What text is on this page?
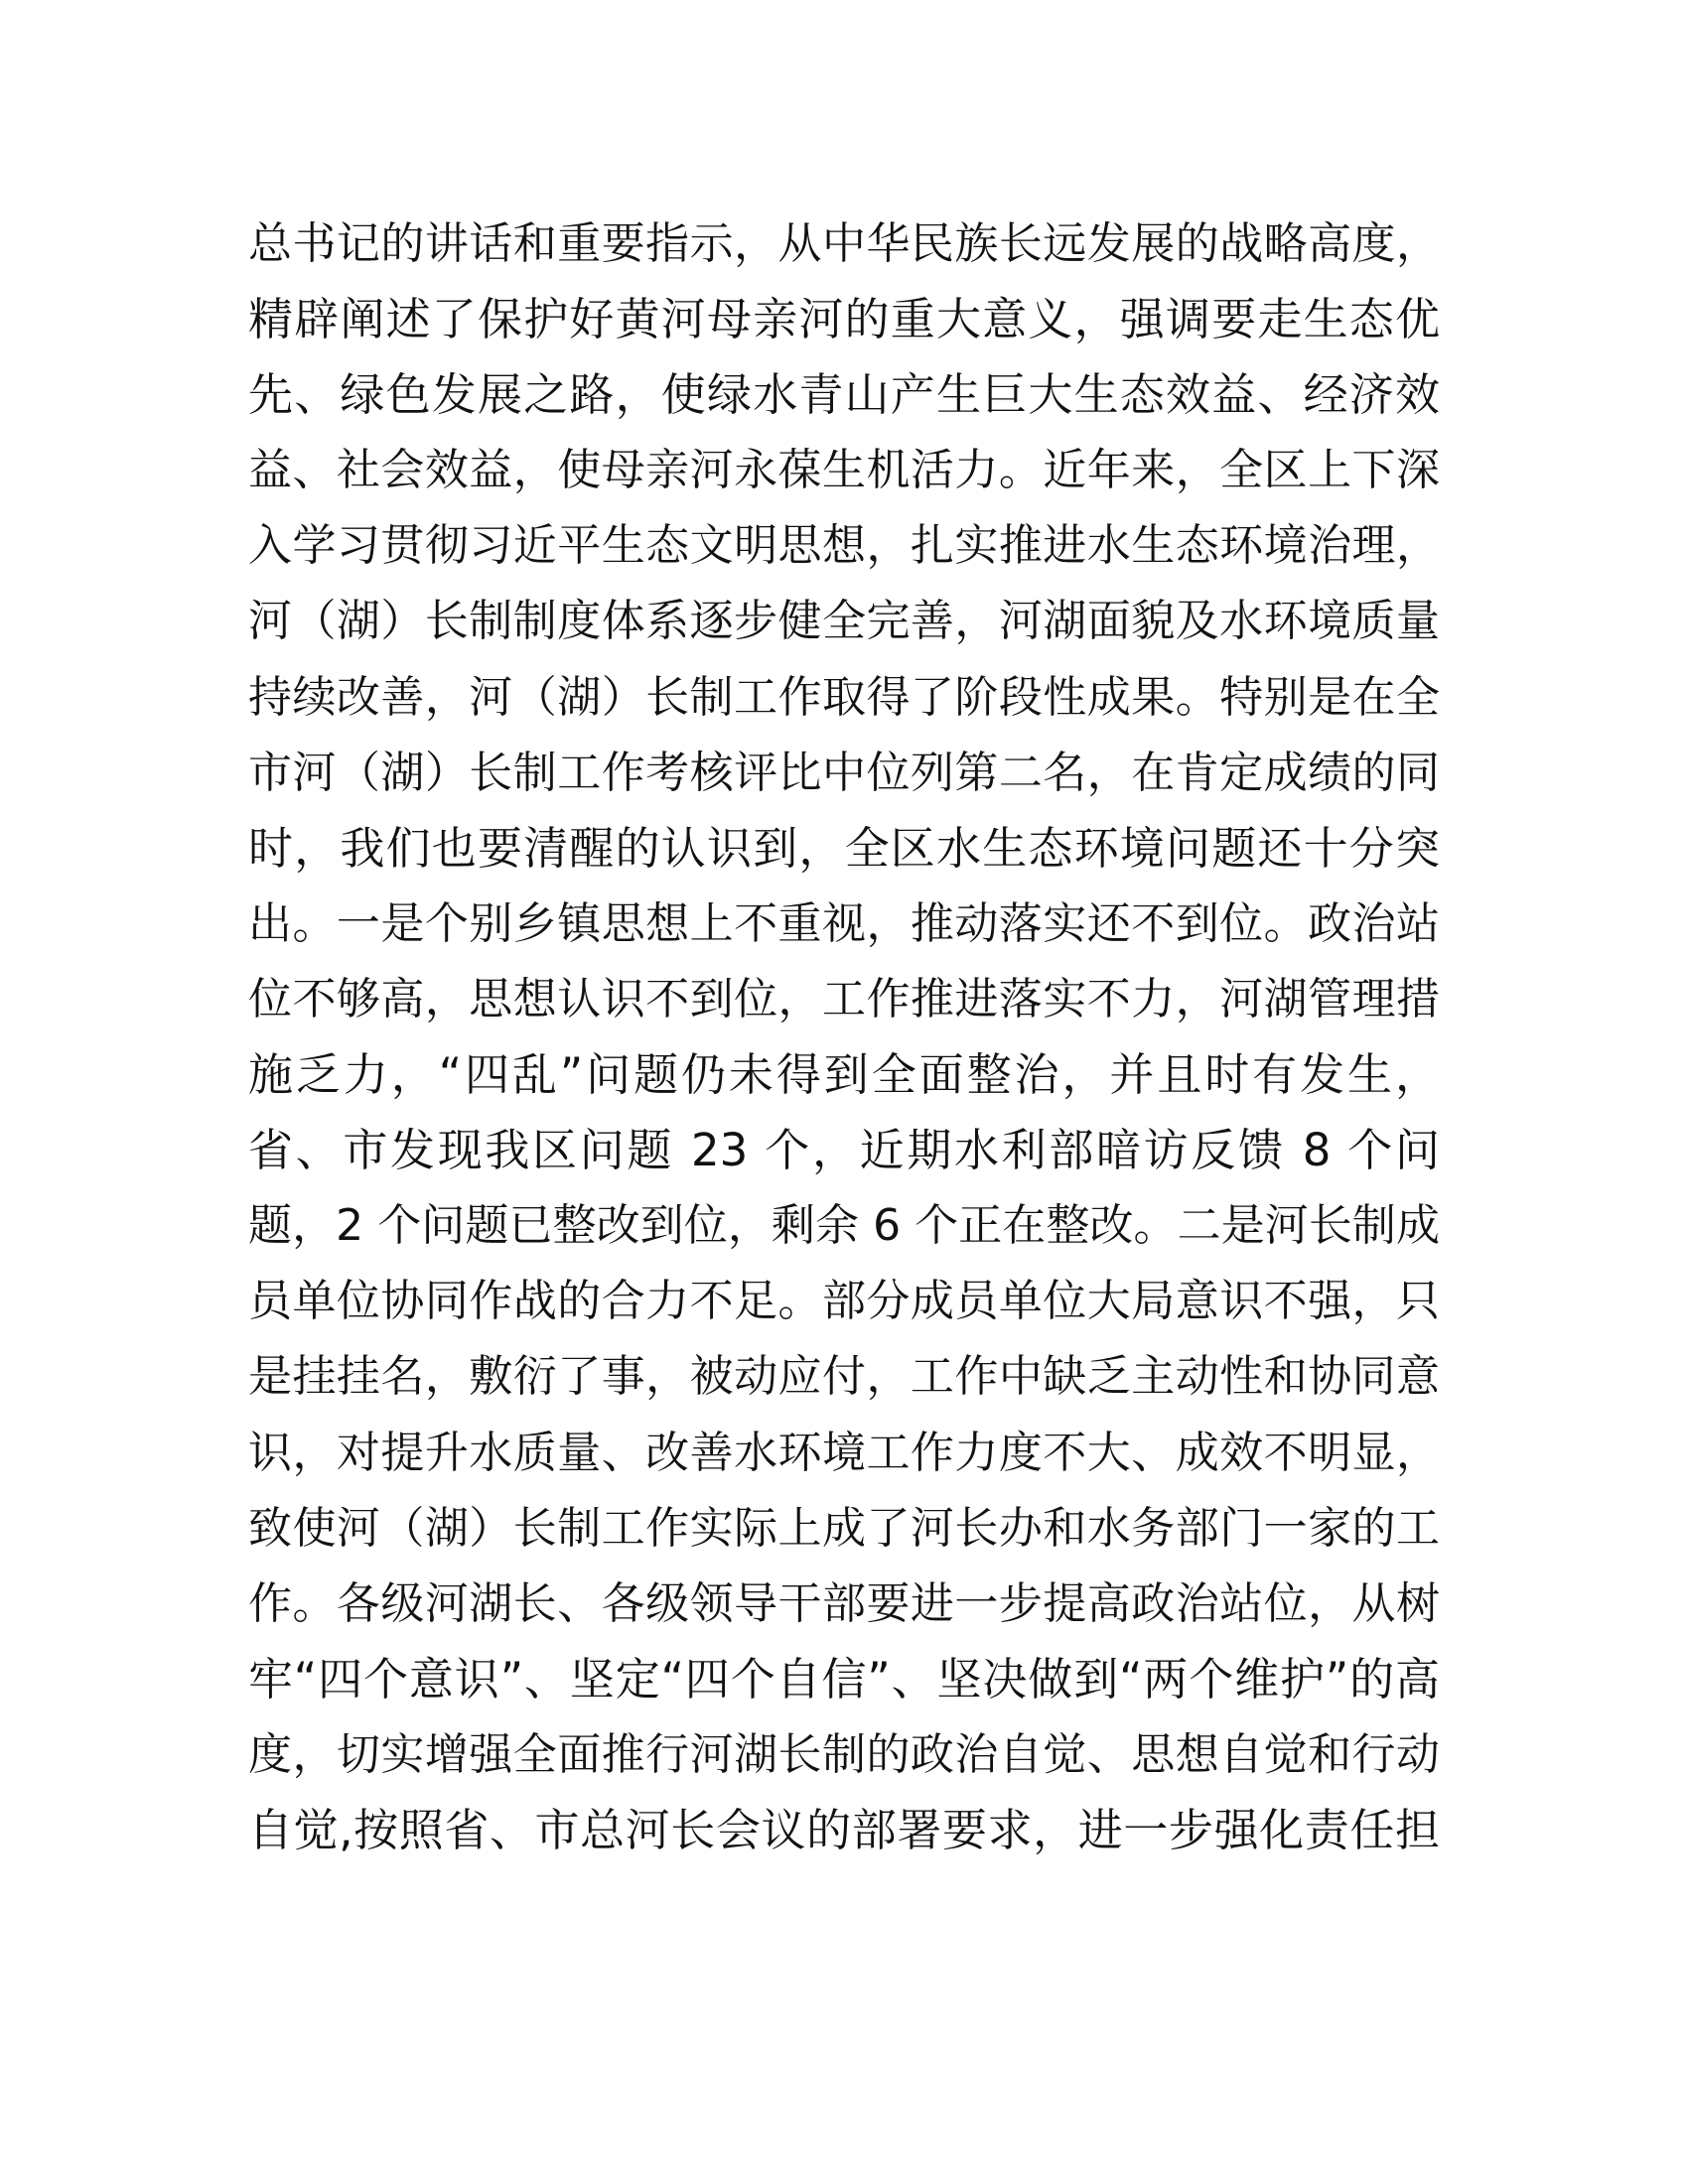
总书记的讲话和重要指示，从中华民族长远发展的战略高度，
精辟阐述了保护好黄河母亲河的重大意义，强调要走生态优
先、绿色发展之路，使绿水青山产生巨大生态效益、经济效
益、社会效益，使母亲河永葆生机活力。近年来，全区上下深
入学习贯彻习近平生态文明思想，扎实推进水生态环境治理，
河（湖）长制制度体系逐步健全完善，河湖面貌及水环境质量
持续改善，河（湖）长制工作取得了阶段性成果。特别是在全
市河（湖）长制工作考核评比中位列第二名，在肯定成绩的同
时，我们也要清醒的认识到，全区水生态环境问题还十分突
出。一是个别乡镇思想上不重视，推动落实还不到位。政治站
位不够高，思想认识不到位，工作推进落实不力，河湖管理措
施乏力，“四乱”问题仍未得到全面整治，并且时有发生，
省、市发现我区问题 23 个，近期水利部暗访反馈 8 个问
题，2 个问题已整改到位，剩余 6 个正在整改。二是河长制成
员单位协同作战的合力不足。部分成员单位大局意识不强，只
是挂挂名，敷衍了事，被动应付，工作中缺乏主动性和协同意
识，对提升水质量、改善水环境工作力度不大、成效不明显，
致使河（湖）长制工作实际上成了河长办和水务部门一家的工
作。各级河湖长、各级领导干部要进一步提高政治站位，从树
牢“四个意识”、坚定“四个自信”、坚决做到“两个维护”的高
度，切实增强全面推行河湖长制的政治自觉、思想自觉和行动
自觉,按照省、市总河长会议的部署要求，进一步强化责任担
